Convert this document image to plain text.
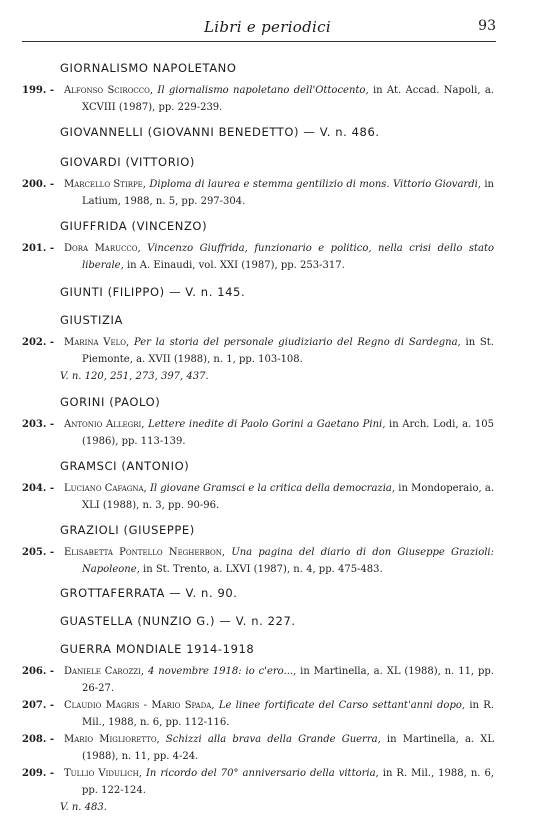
Libri e periodici	93
GIORNALISMO NAPOLETANO
199. - Alfonso Scirocco, Il giornalismo napoletano dell'Ottocento, in At. Accad. Napoli, a. XCVIII (1987), pp. 229-239.
GIOVANNELLI (GIOVANNI BENEDETTO) — V. n. 486.
GIOVARDI (VITTORIO)
200. - Marcello Stirpe, Diploma di laurea e stemma gentilizio di mons. Vittorio Giovardi, in Latium, 1988, n. 5, pp. 297-304.
GIUFFRIDA (VINCENZO)
201. - Dora Marucco, Vincenzo Giuffrida, funzionario e politico, nella crisi dello stato liberale, in A. Einaudi, vol. XXI (1987), pp. 253-317.
GIUNTI (FILIPPO) — V. n. 145.
GIUSTIZIA
202. - Marina Velo, Per la storia del personale giudiziario del Regno di Sardegna, in St. Piemonte, a. XVII (1988), n. 1, pp. 103-108.
V. n. 120, 251, 273, 397, 437.
GORINI (PAOLO)
203. - Antonio Allegri, Lettere inedite di Paolo Gorini a Gaetano Pini, in Arch. Lodi, a. 105 (1986), pp. 113-139.
GRAMSCI (ANTONIO)
204. - Luciano Cafagna, Il giovane Gramsci e la critica della democrazia, in Mondoperaio, a. XLI (1988), n. 3, pp. 90-96.
GRAZIOLI (GIUSEPPE)
205. - Elisabetta Pontello Negherbon, Una pagina del diario di don Giuseppe Grazioli: Napoleone, in St. Trento, a. LXVI (1987), n. 4, pp. 475-483.
GROTTAFERRATA — V. n. 90.
GUASTELLA (NUNZIO G.) — V. n. 227.
GUERRA MONDIALE 1914-1918
206. - Daniele Carozzi, 4 novembre 1918: io c'ero..., in Martinella, a. XL (1988), n. 11, pp. 26-27.
207. - Claudio Magris - Mario Spada, Le linee fortificate del Carso settant'anni dopo, in R. Mil., 1988, n. 6, pp. 112-116.
208. - Mario Miglioretto, Schizzi alla brava della Grande Guerra, in Martinella, a. XL (1988), n. 11, pp. 4-24.
209. - Tullio Vidulich, In ricordo del 70° anniversario della vittoria, in R. Mil., 1988, n. 6, pp. 122-124.
V. n. 483.
